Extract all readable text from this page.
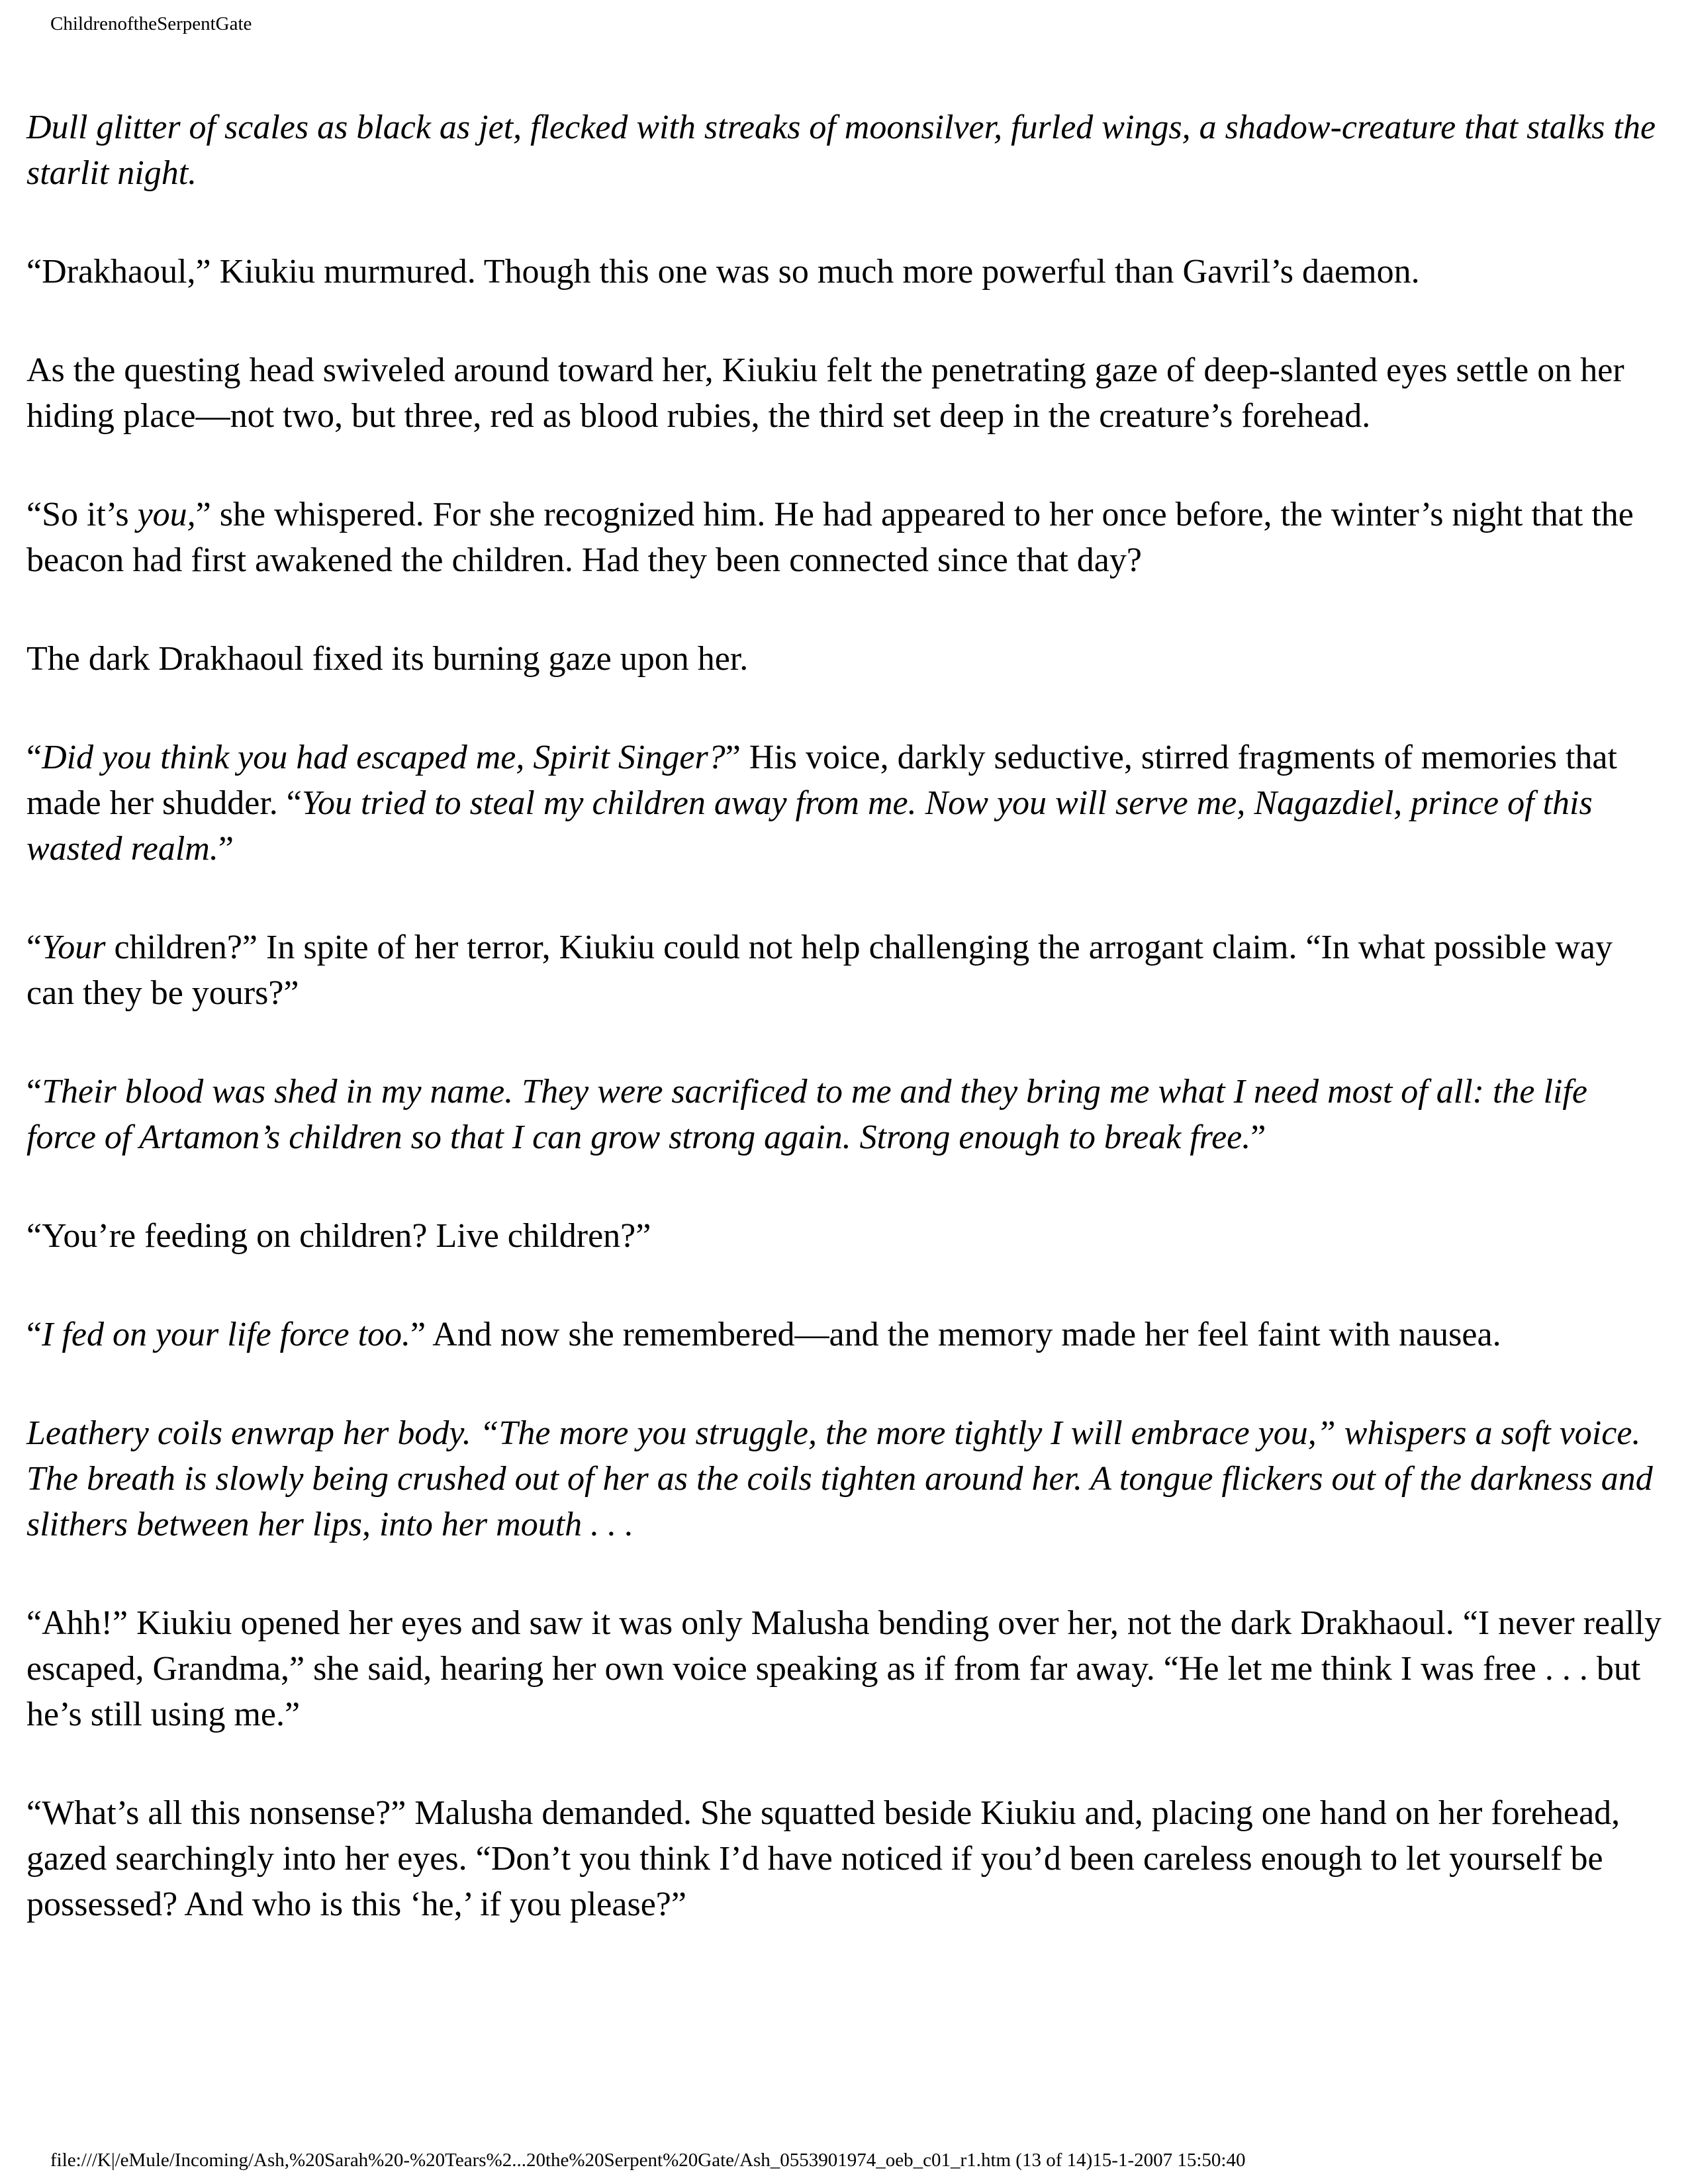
ChildrenoftheSerpentGate

Dull glitter of scales as black as jet, flecked with streaks of moonsilver, furled wings, a shadow-creature that stalks the starlit night.

“Drakhaoul,” Kiukiu murmured. Though this one was so much more powerful than Gavril’s daemon.

As the questing head swiveled around toward her, Kiukiu felt the penetrating gaze of deep-slanted eyes settle on her hiding place—not two, but three, red as blood rubies, the third set deep in the creature’s forehead.

“So it’s you,” she whispered. For she recognized him. He had appeared to her once before, the winter’s night that the beacon had first awakened the children. Had they been connected since that day?

The dark Drakhaoul fixed its burning gaze upon her.

“Did you think you had escaped me, Spirit Singer?” His voice, darkly seductive, stirred fragments of memories that made her shudder. “You tried to steal my children away from me. Now you will serve me, Nagazdiel, prince of this wasted realm.”

“Your children?” In spite of her terror, Kiukiu could not help challenging the arrogant claim. “In what possible way can they be yours?”

“Their blood was shed in my name. They were sacrificed to me and they bring me what I need most of all: the life force of Artamon’s children so that I can grow strong again. Strong enough to break free.”

“You’re feeding on children? Live children?”

“I fed on your life force too.” And now she remembered—and the memory made her feel faint with nausea.

Leathery coils enwrap her body. “The more you struggle, the more tightly I will embrace you,” whispers a soft voice. The breath is slowly being crushed out of her as the coils tighten around her. A tongue flickers out of the darkness and slithers between her lips, into her mouth . . .

“Ahh!” Kiukiu opened her eyes and saw it was only Malusha bending over her, not the dark Drakhaoul. “I never really escaped, Grandma,” she said, hearing her own voice speaking as if from far away. “He let me think I was free . . . but he’s still using me.”

“What’s all this nonsense?” Malusha demanded. She squatted beside Kiukiu and, placing one hand on her forehead, gazed searchingly into her eyes. “Don’t you think I’d have noticed if you’d been careless enough to let yourself be possessed? And who is this ‘he,’ if you please?”

file:///K|/eMule/Incoming/Ash,%20Sarah%20-%20Tears%2...20the%20Serpent%20Gate/Ash_0553901974_oeb_c01_r1.htm (13 of 14)15-1-2007 15:50:40
